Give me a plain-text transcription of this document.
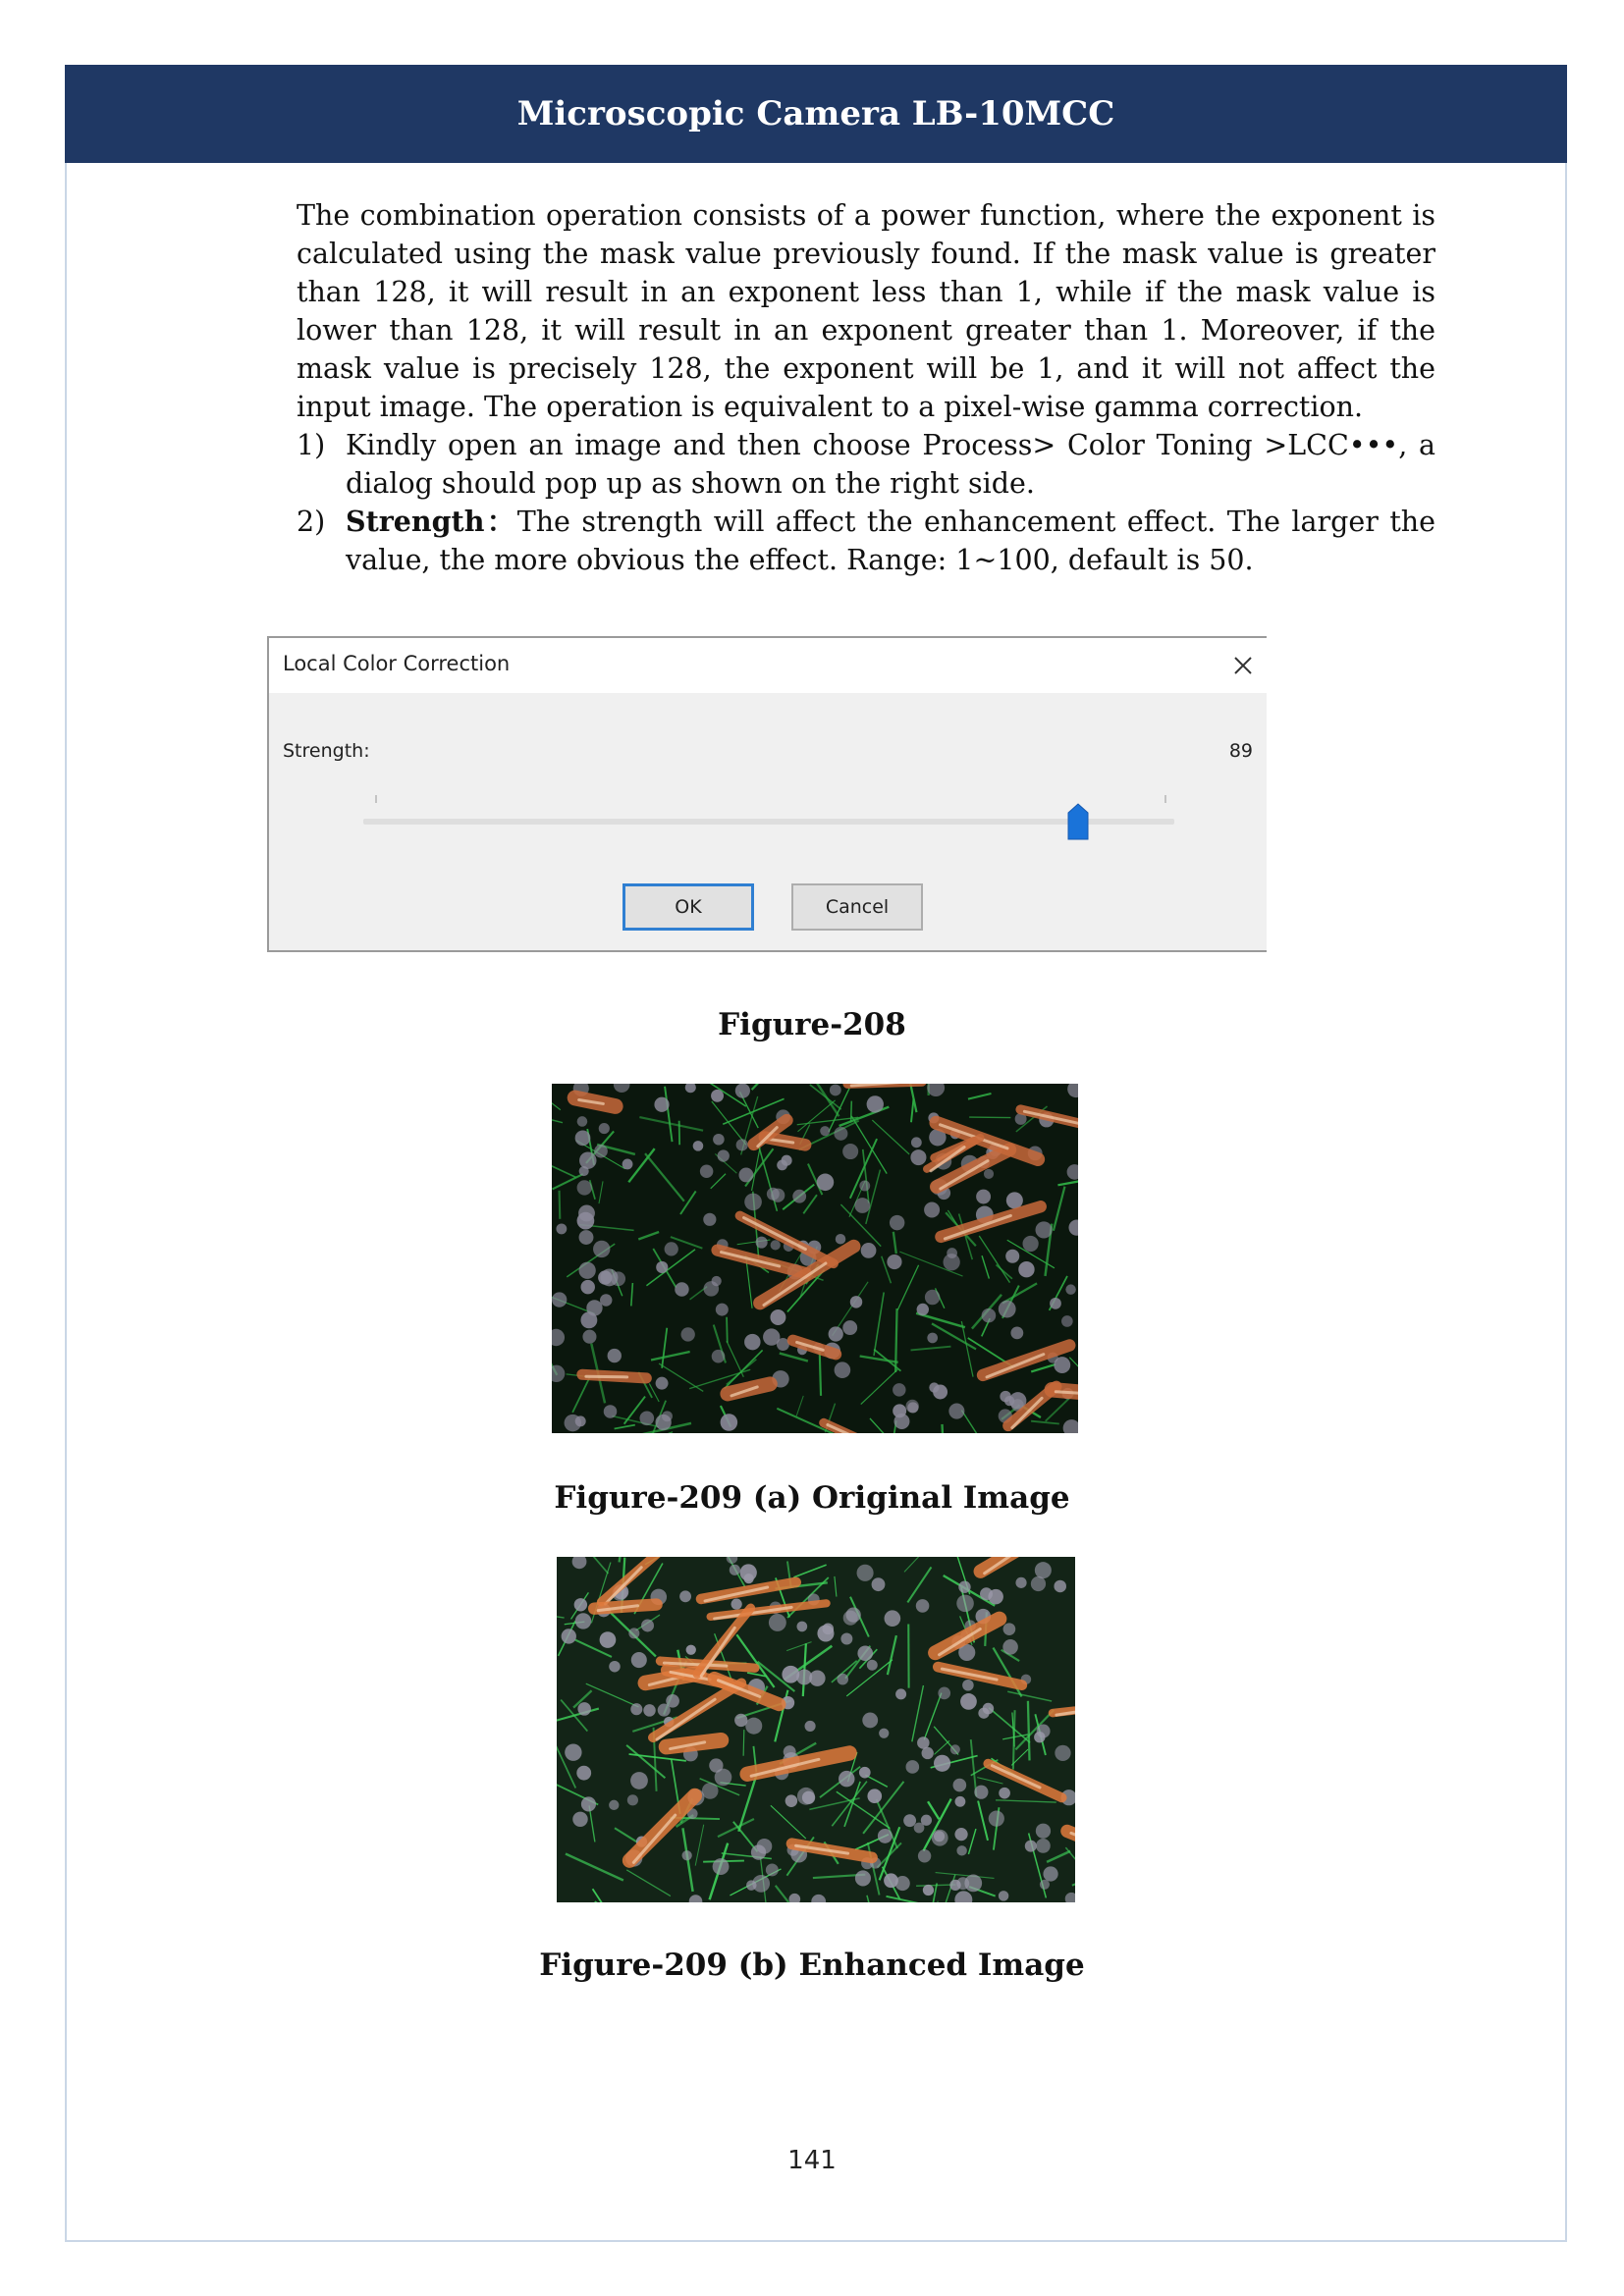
Microscopic Camera LB-10MCC

The combination operation consists of a power function, where the exponent is calculated using the mask value previously found. If the mask value is greater than 128, it will result in an exponent less than 1, while if the mask value is lower than 128, it will result in an exponent greater than 1. Moreover, if the mask value is precisely 128, the exponent will be 1, and it will not affect the input image. The operation is equivalent to a pixel-wise gamma correction.

1) Kindly open an image and then choose Process> Color Toning >LCC•••, a dialog should pop up as shown on the right side.
2) Strength：The strength will affect the enhancement effect. The larger the value, the more obvious the effect. Range: 1~100, default is 50.
Local Color Correction
Strength:	89
OK	Cancel
Figure-208
Figure-209 (a) Original Image
Figure-209 (b) Enhanced Image
141
